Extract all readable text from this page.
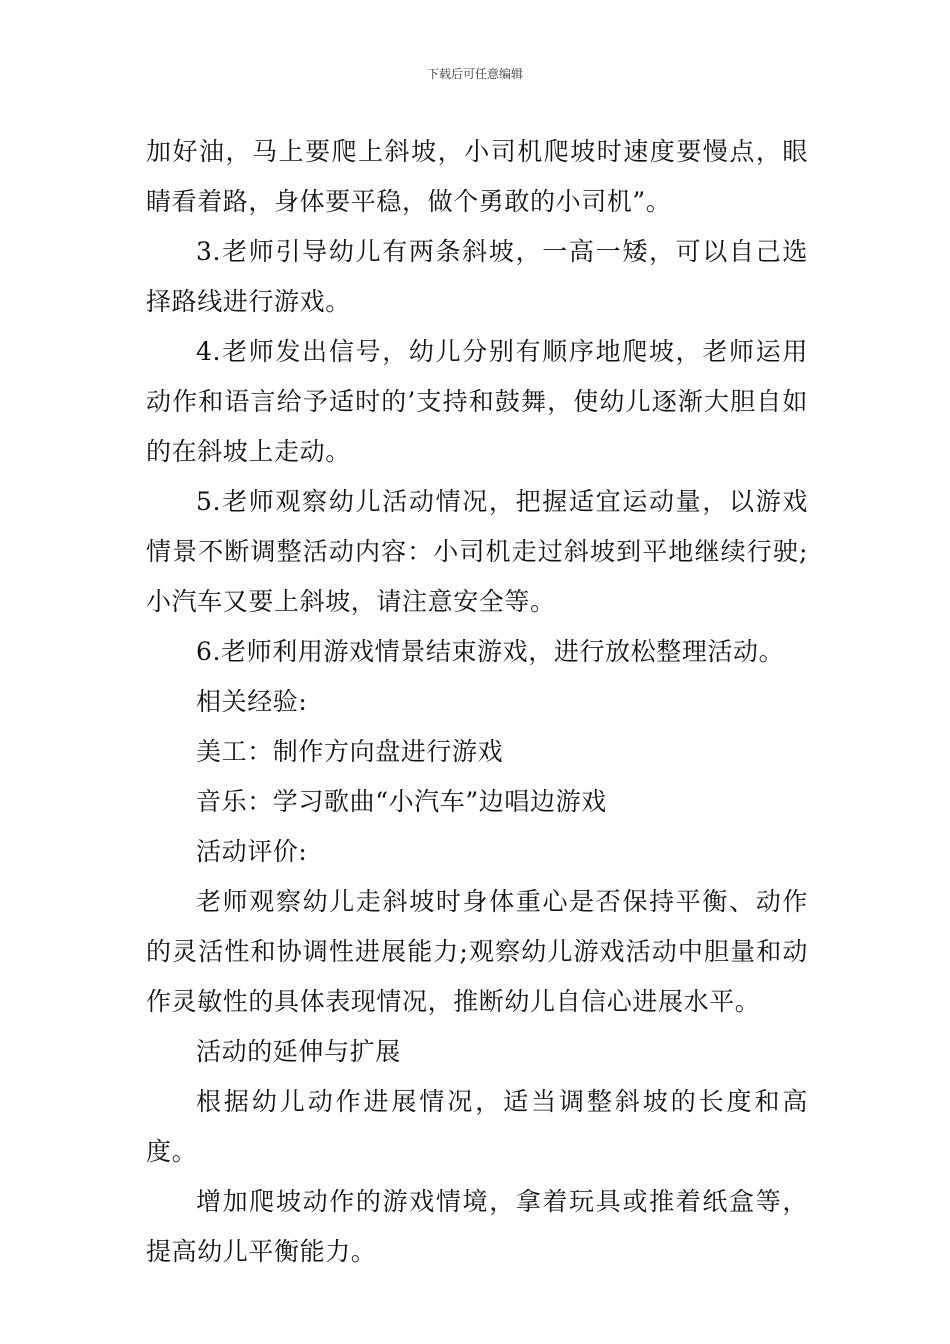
下载后可任意编辑

加好油，马上要爬上斜坡，小司机爬坡时速度要慢点，眼睛看着路，身体要平稳，做个勇敢的小司机”。

3.老师引导幼儿有两条斜坡，一高一矮，可以自己选择路线进行游戏。

4.老师发出信号，幼儿分别有顺序地爬坡，老师运用动作和语言给予适时的’支持和鼓舞，使幼儿逐渐大胆自如的在斜坡上走动。

5.老师观察幼儿活动情况，把握适宜运动量，以游戏情景不断调整活动内容：小司机走过斜坡到平地继续行驶;小汽车又要上斜坡，请注意安全等。

6.老师利用游戏情景结束游戏，进行放松整理活动。

相关经验:

美工：制作方向盘进行游戏

音乐：学习歌曲“小汽车”边唱边游戏

活动评价:

老师观察幼儿走斜坡时身体重心是否保持平衡、动作的灵活性和协调性进展能力;观察幼儿游戏活动中胆量和动作灵敏性的具体表现情况，推断幼儿自信心进展水平。

活动的延伸与扩展

根据幼儿动作进展情况，适当调整斜坡的长度和高度。

增加爬坡动作的游戏情境，拿着玩具或推着纸盒等，提高幼儿平衡能力。
